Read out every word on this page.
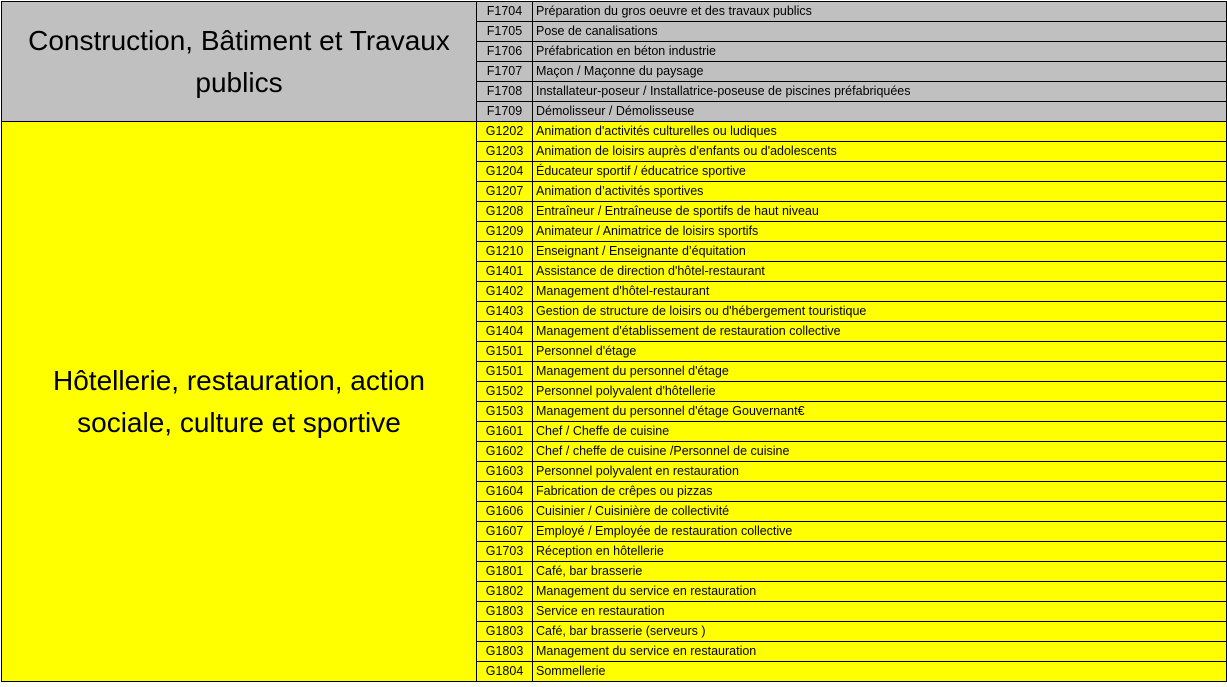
Construction, Bâtiment et Travaux publics	F1704	Préparation du gros oeuvre et des travaux publics
	F1705	Pose de canalisations
	F1706	Préfabrication en béton industrie
	F1707	Maçon / Maçonne du paysage
	F1708	Installateur-poseur / Installatrice-poseuse de piscines préfabriquées
	F1709	Démolisseur / Démolisseuse
Hôtellerie, restauration, action sociale, culture et sportive	G1202	Animation d'activités culturelles ou ludiques
	G1203	Animation de loisirs auprès d'enfants ou d'adolescents
	G1204	Éducateur sportif / éducatrice sportive
	G1207	Animation d’activités sportives
	G1208	Entraîneur / Entraîneuse de sportifs de haut niveau
	G1209	Animateur / Animatrice de loisirs sportifs
	G1210	Enseignant / Enseignante d’équitation
	G1401	Assistance de direction d'hôtel-restaurant
	G1402	Management d'hôtel-restaurant
	G1403	Gestion de structure de loisirs ou d'hébergement touristique
	G1404	Management d'établissement de restauration collective
	G1501	Personnel d'étage
	G1501	Management du personnel d'étage
	G1502	Personnel polyvalent d'hôtellerie
	G1503	Management du personnel d'étage Gouvernant€
	G1601	Chef / Cheffe de cuisine
	G1602	Chef / cheffe de cuisine /Personnel de cuisine
	G1603	Personnel polyvalent en restauration
	G1604	Fabrication de crêpes ou pizzas
	G1606	Cuisinier / Cuisinière de collectivité
	G1607	Employé / Employée de restauration collective
	G1703	Réception en hôtellerie
	G1801	Café, bar brasserie
	G1802	Management du service en restauration
	G1803	Service en restauration
	G1803	Café, bar brasserie (serveurs )
	G1803	Management du service en restauration
	G1804	Sommellerie
